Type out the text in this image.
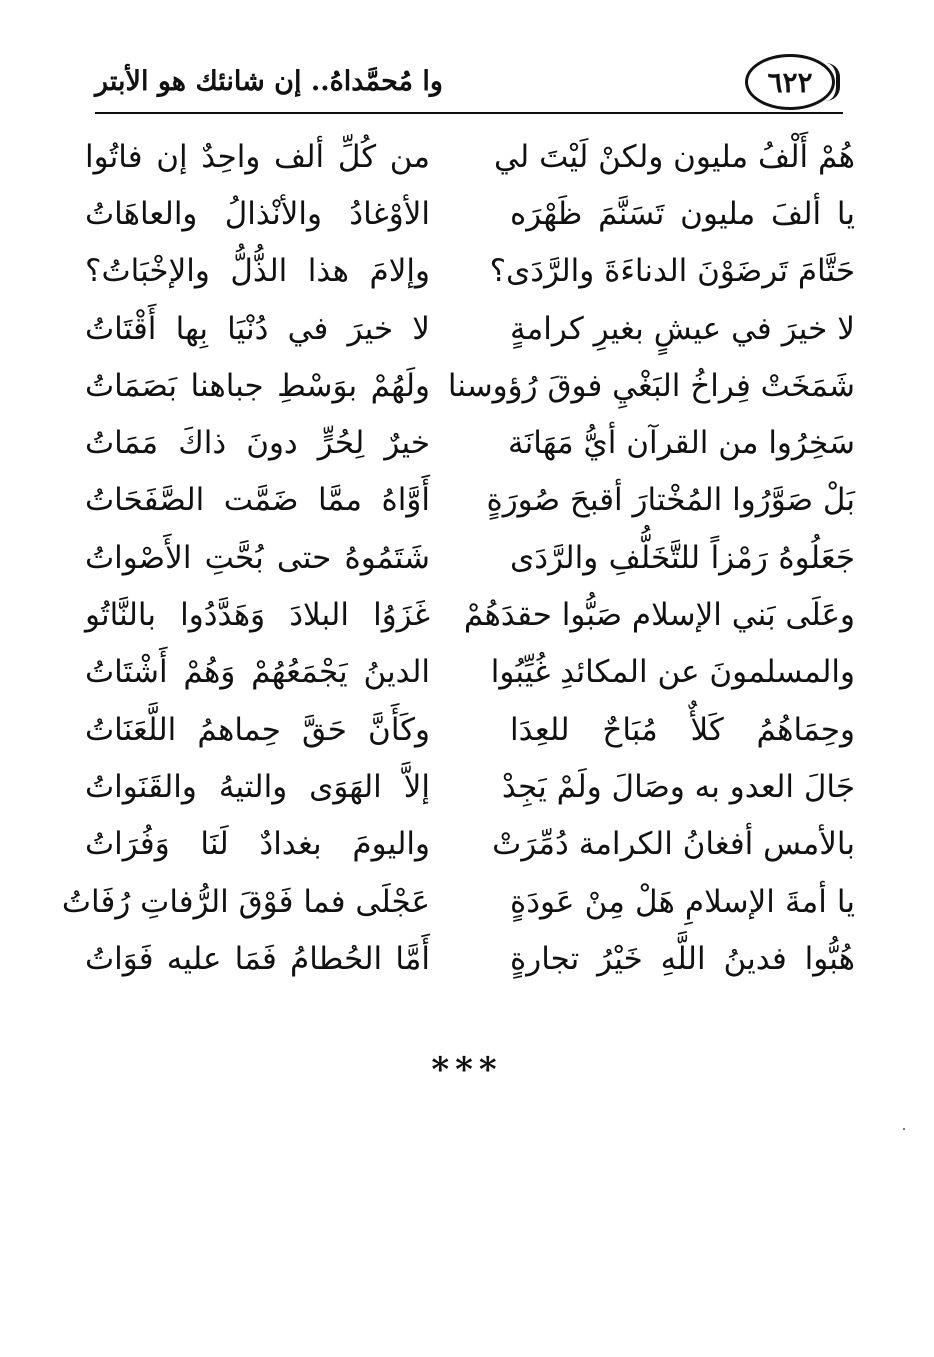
٦٢٢
وا مُحمَّداهُ.. إن شانئك هو الأبتر
هُمْ أَلْفُ مليون ولكنْ لَيْتَ لي
من كُلِّ ألف واحِدٌ إن فاتُوا
يا ألفَ مليون تَسَنَّمَ ظَهْرَه
الأوْغادُ والأنْذالُ والعاهَاتُ
حَتَّامَ تَرضَوْنَ الدناءَةَ والرَّدَى؟
وإلامَ هذا الذُّلُّ والإخْبَاتُ؟
لا خيرَ في عيشٍ بغيرِ كرامةٍ
لا خيرَ في دُنْيَا بِها أَقْتَاتُ
شَمَخَتْ فِراخُ البَغْيِ فوقَ رُؤوسنا
ولَهُمْ بوَسْطِ جباهنا بَصَمَاتُ
سَخِرُوا من القرآن أيُّ مَهَانَة
خيرٌ لِحُرٍّ دونَ ذاكَ مَمَاتُ
بَلْ صَوَّرُوا المُخْتارَ أقبحَ صُورَةٍ
أَوَّاهُ ممَّا ضَمَّت الصَّفَحَاتُ
جَعَلُوهُ رَمْزاً للتَّخَلُّفِ والرَّدَى
شَتَمُوهُ حتى بُحَّتِ الأَصْواتُ
وعَلَى بَني الإسلام صَبُّوا حقدَهُمْ
غَزَوُا البلادَ وَهَدَّدُوا بالنَّاتُو
والمسلمونَ عن المكائدِ غُيِّبُوا
الدينُ يَجْمَعُهُمْ وَهُمْ أَشْتَاتُ
وحِمَاهُمُ كَلأٌ مُبَاحٌ للعِدَا
وكَأَنَّ حَقَّ حِماهمُ اللَّعَنَاتُ
جَالَ العدو به وصَالَ ولَمْ يَجِدْ
إلاَّ الهَوَى والتيهُ والقَنَواتُ
بالأمس أفغانُ الكرامة دُمِّرَتْ
واليومَ بغدادٌ لَنَا وَفُرَاتُ
يا أمةَ الإسلامِ هَلْ مِنْ عَودَةٍ
عَجْلَى فما فَوْقَ الرُّفاتِ رُفَاتُ
هُبُّوا فدينُ اللَّهِ خَيْرُ تجارةٍ
أَمَّا الحُطامُ فَمَا عليه فَوَاتُ
***
